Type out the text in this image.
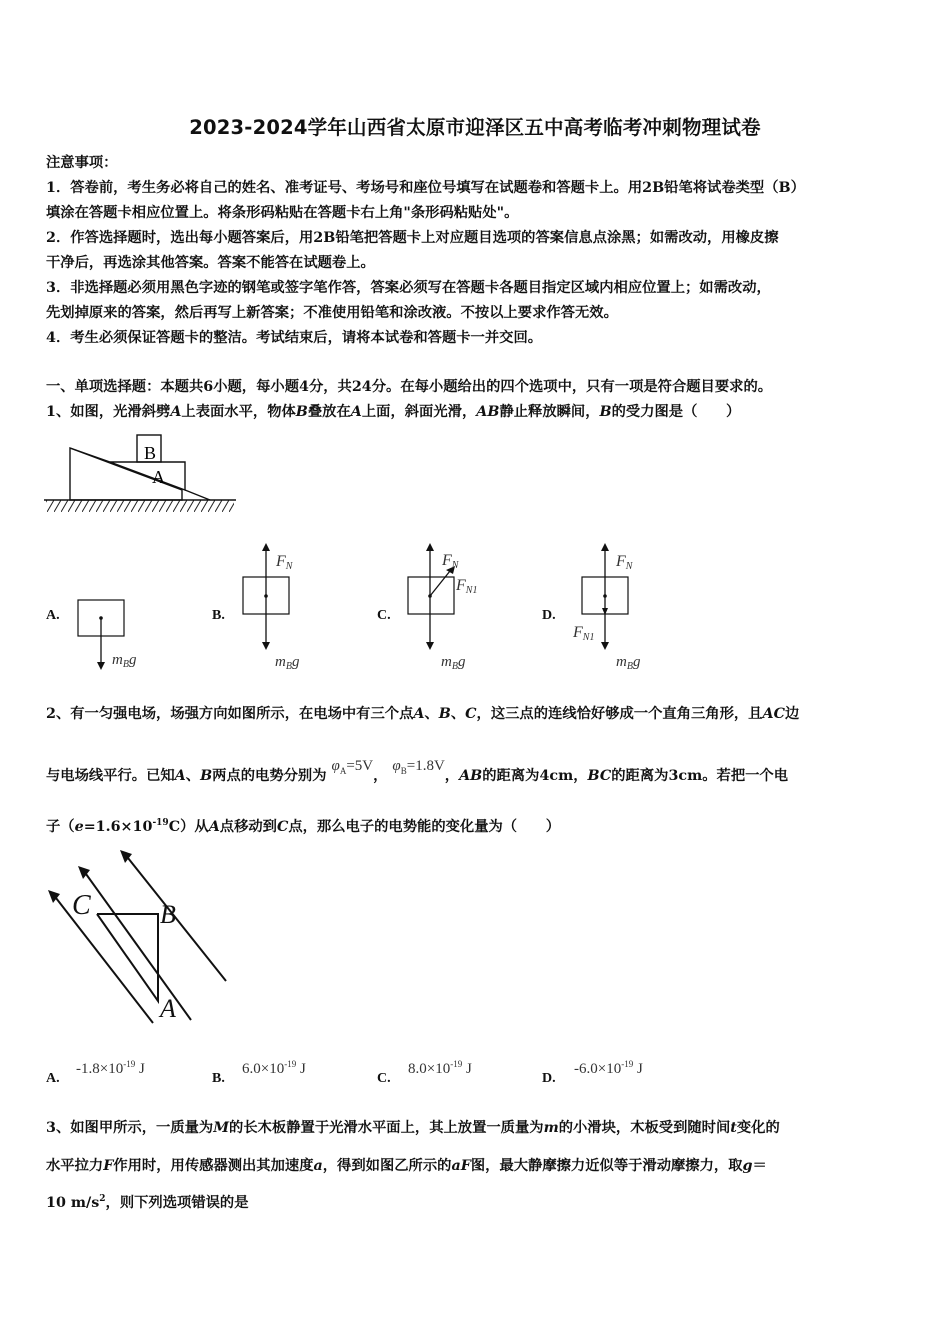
2023-2024学年山西省太原市迎泽区五中高考临考冲刺物理试卷
注意事项：
1．答卷前，考生务必将自己的姓名、准考证号、考场号和座位号填写在试题卷和答题卡上。用2B铅笔将试卷类型（B）
填涂在答题卡相应位置上。将条形码粘贴在答题卡右上角"条形码粘贴处"。
2．作答选择题时，选出每小题答案后，用2B铅笔把答题卡上对应题目选项的答案信息点涂黑；如需改动，用橡皮擦
干净后，再选涂其他答案。答案不能答在试题卷上。
3．非选择题必须用黑色字迹的钢笔或签字笔作答，答案必须写在答题卡各题目指定区域内相应位置上；如需改动，
先划掉原来的答案，然后再写上新答案；不准使用铅笔和涂改液。不按以上要求作答无效。
4．考生必须保证答题卡的整洁。考试结束后，请将本试卷和答题卡一并交回。
一、单项选择题：本题共6小题，每小题4分，共24分。在每小题给出的四个选项中，只有一项是符合题目要求的。
1、如图，光滑斜劈A上表面水平，物体B叠放在A上面，斜面光滑，AB静止释放瞬间，B的受力图是（　　）
B
A
A.
$m_Bg$
B.
FN
$m_Bg$
C.
FN
FN1
$m_Bg$
D.
FN
FN1
$m_Bg$
2、有一匀强电场，场强方向如图所示，在电场中有三个点A、B、C，这三点的连线恰好够成一个直角三角形，且AC边
与电场线平行。已知A、B两点的电势分别为 $\varphi_A=5V$， $\varphi_B=1.8V$，AB的距离为4cm，BC的距离为3cm。若把一个电
子$(e=1.6\times 10^{-19}C)$从A点移动到C点，那么电子的电势能的变化量为（　　）
C	B
A
A.
$-1.8\times 10^{-19}$ J
B.
$6.0\times 10^{-19}$ J
C.
$8.0\times 10^{-19}$ J
D.
$-6.0\times 10^{-19}$ J
3、如图甲所示，一质量为M的长木板静置于光滑水平面上，其上放置一质量为m的小滑块，木板受到随时间t变化的
水平拉力F作用时，用传感器测出其加速度a，得到如图乙所示的aF图，最大静摩擦力近似等于滑动摩擦力，取g＝
10 $m/s^2$，则下列选项错误的是
